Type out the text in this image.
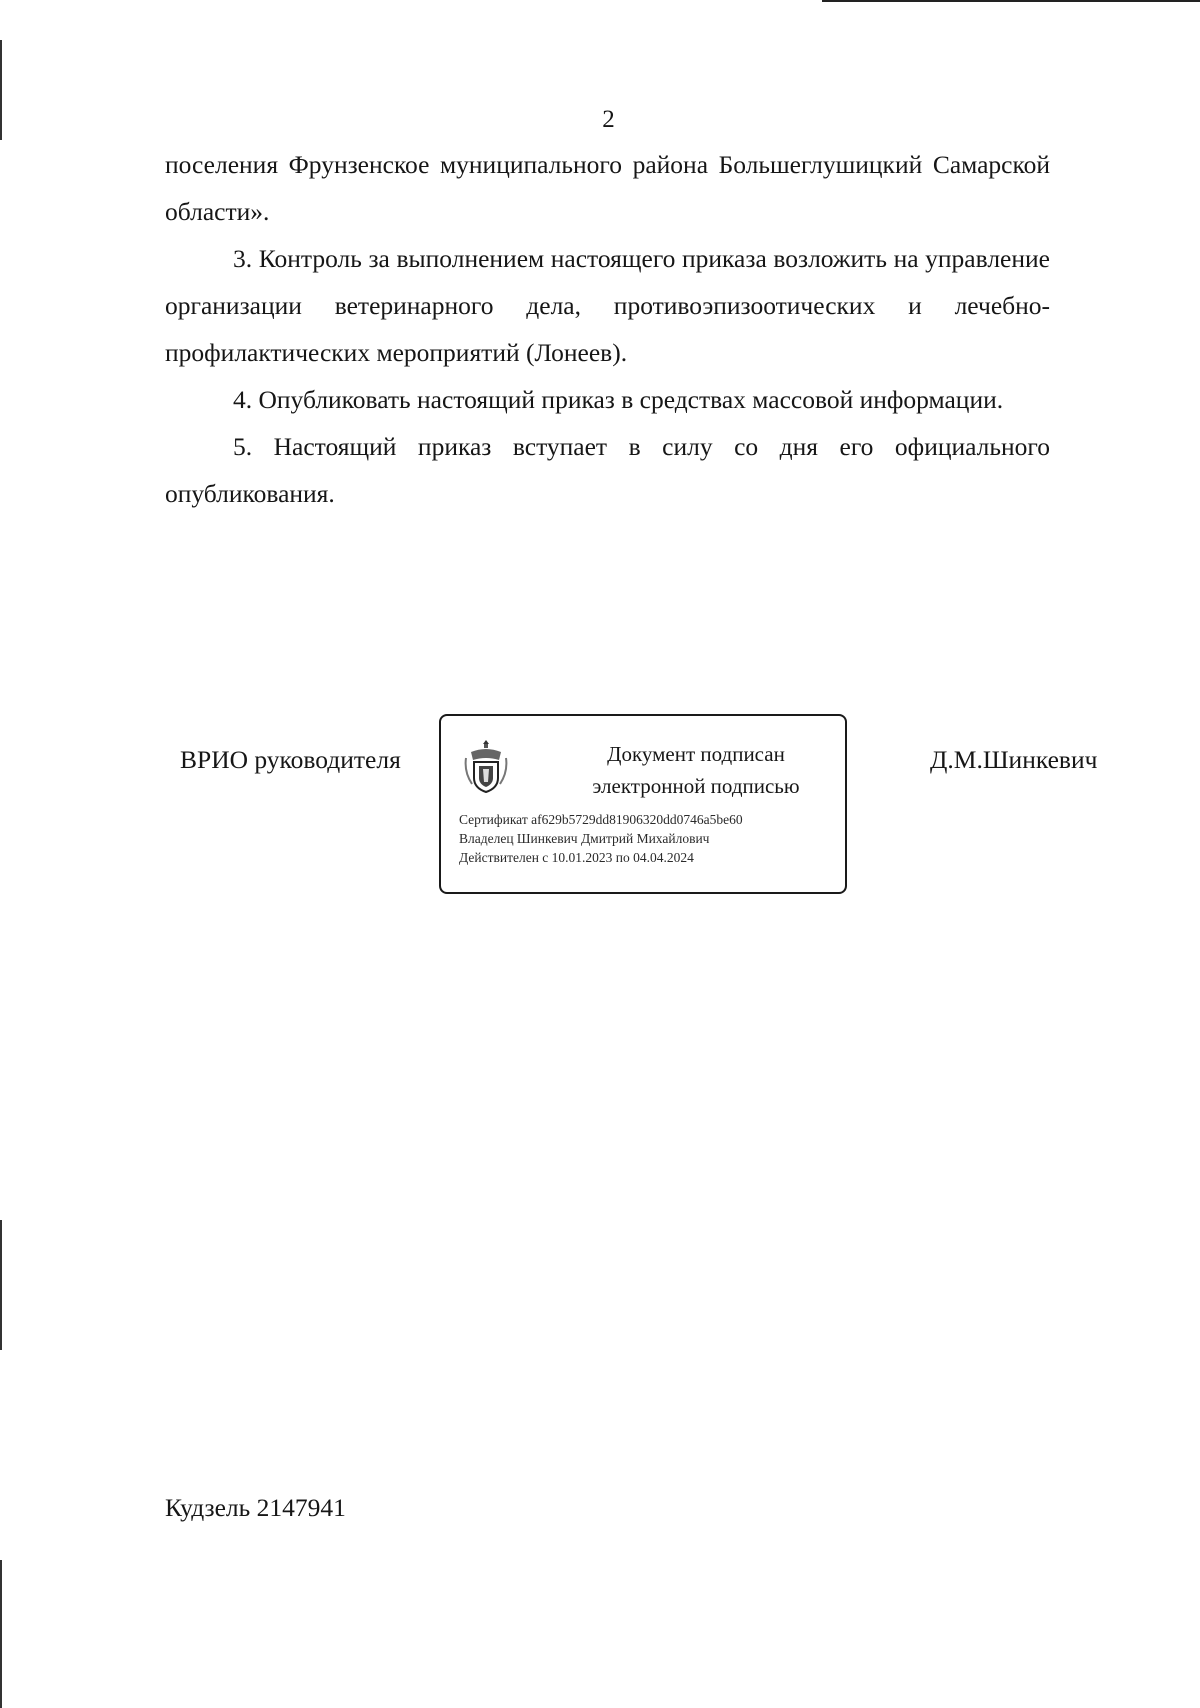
2

поселения Фрунзенское муниципального района Большеглушицкий Самарской области».

3. Контроль за выполнением настоящего приказа возложить на управление организации ветеринарного дела, противоэпизоотических и лечебно-профилактических мероприятий (Лонеев).

4. Опубликовать настоящий приказ в средствах массовой информации.

5. Настоящий приказ вступает в силу со дня его официального опубликования.

ВРИО руководителя	Документ подписан
электронной подписью
Сертификат af629b5729dd81906320dd0746a5be60
Владелец Шинкевич Дмитрий Михайлович
Действителен с 10.01.2023 по 04.04.2024
Д.М.Шинкевич
Кудзель 2147941
